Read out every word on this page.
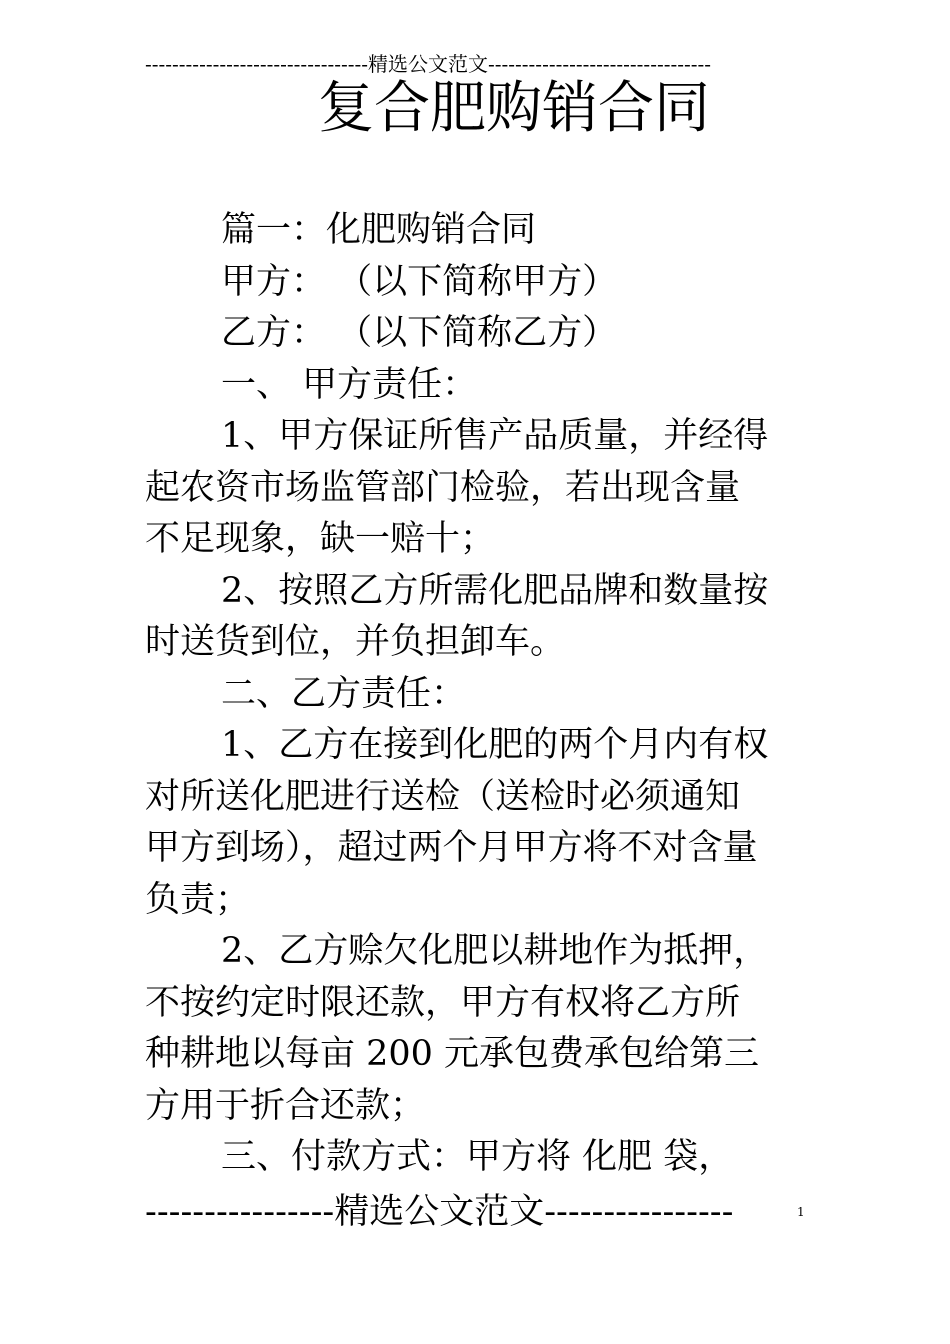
---------------------------------精选公文范文---------------------------------
复合肥购销合同
篇一：化肥购销合同
甲方： （以下简称甲方）
乙方： （以下简称乙方）
一、 甲方责任：
1、甲方保证所售产品质量，并经得
起农资市场监管部门检验，若出现含量
不足现象，缺一赔十；
2、按照乙方所需化肥品牌和数量按
时送货到位，并负担卸车。
二、乙方责任：
1、乙方在接到化肥的两个月内有权
对所送化肥进行送检（送检时必须通知
甲方到场），超过两个月甲方将不对含量
负责；
2、乙方赊欠化肥以耕地作为抵押，
不按约定时限还款，甲方有权将乙方所
种耕地以每亩 200 元承包费承包给第三
方用于折合还款；
三、付款方式：甲方将 化肥 袋，
----------------精选公文范文----------------	1
